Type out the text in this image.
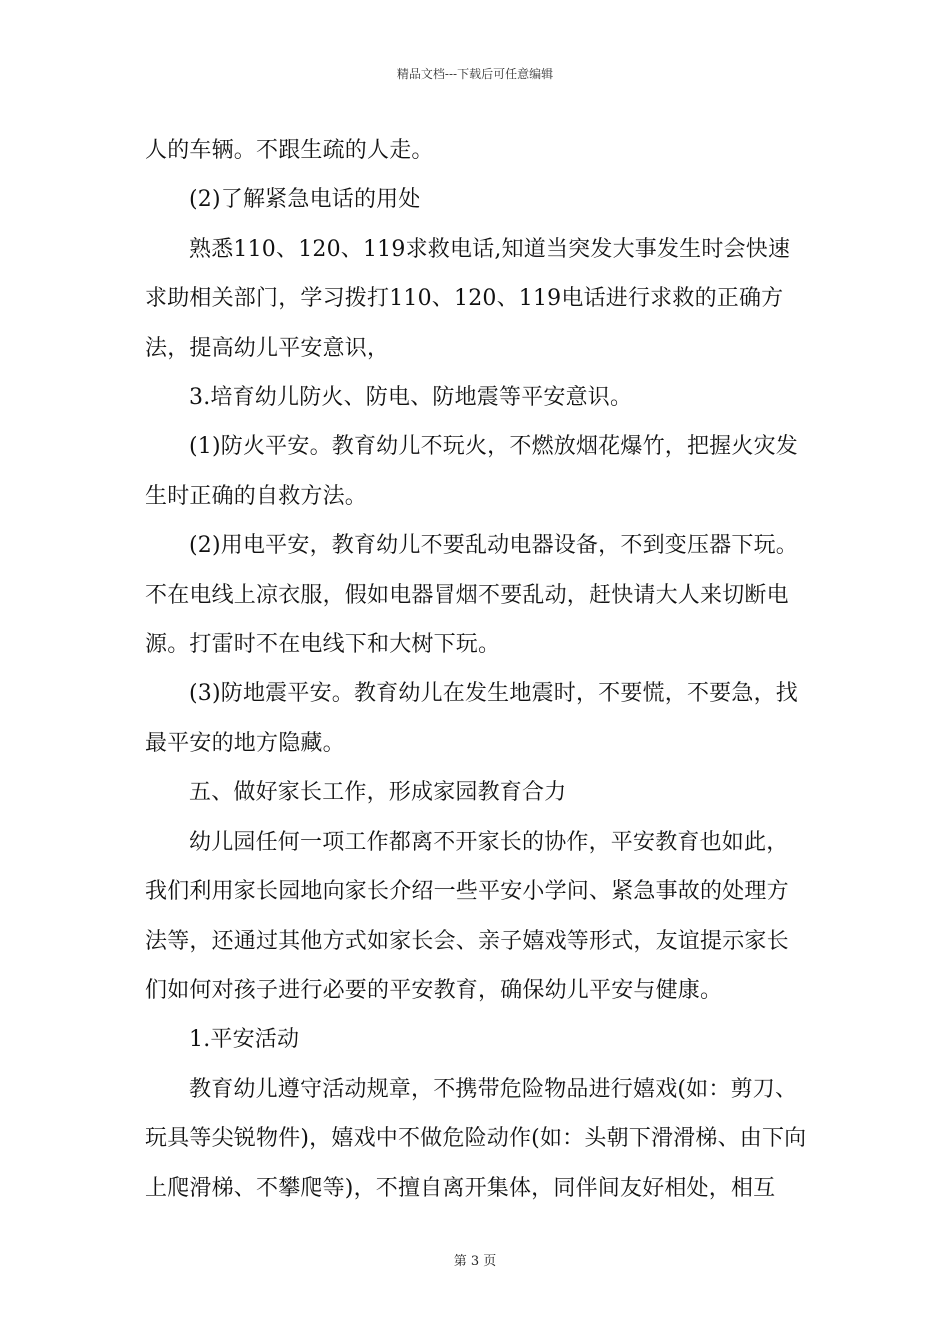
精品文档---下载后可任意编辑

人的车辆。不跟生疏的人走。

(2)了解紧急电话的用处

熟悉110、120、119求救电话,知道当突发大事发生时会快速求助相关部门，学习拨打110、120、119电话进行求救的正确方法，提高幼儿平安意识，

3.培育幼儿防火、防电、防地震等平安意识。

(1)防火平安。教育幼儿不玩火，不燃放烟花爆竹，把握火灾发生时正确的自救方法。

(2)用电平安，教育幼儿不要乱动电器设备，不到变压器下玩。不在电线上凉衣服，假如电器冒烟不要乱动，赶快请大人来切断电源。打雷时不在电线下和大树下玩。

(3)防地震平安。教育幼儿在发生地震时，不要慌，不要急，找最平安的地方隐藏。

五、做好家长工作，形成家园教育合力

幼儿园任何一项工作都离不开家长的协作，平安教育也如此，我们利用家长园地向家长介绍一些平安小学问、紧急事故的处理方法等，还通过其他方式如家长会、亲子嬉戏等形式，友谊提示家长们如何对孩子进行必要的平安教育，确保幼儿平安与健康。

1.平安活动

教育幼儿遵守活动规章，不携带危险物品进行嬉戏(如：剪刀、玩具等尖锐物件)，嬉戏中不做危险动作(如：头朝下滑滑梯、由下向上爬滑梯、不攀爬等)，不擅自离开集体，同伴间友好相处，相互

第 3 页
